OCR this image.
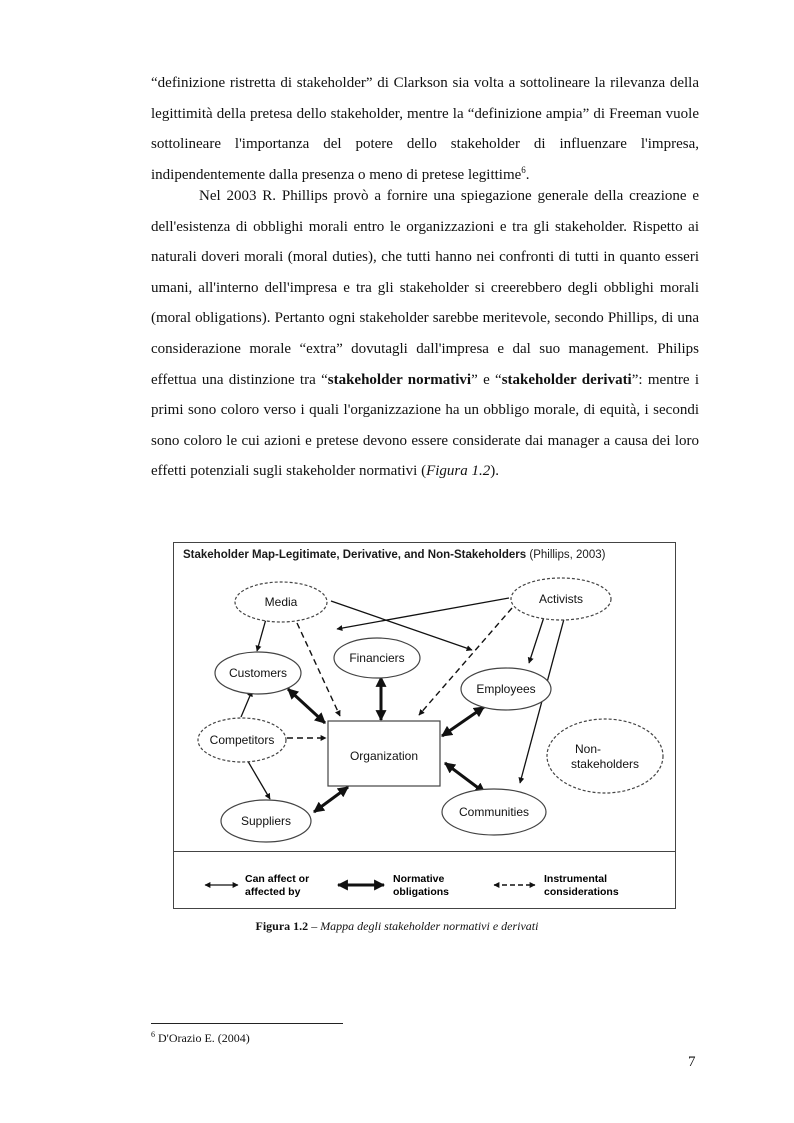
“definizione ristretta di stakeholder” di Clarkson sia volta a sottolineare la rilevanza della legittimità della pretesa dello stakeholder, mentre la “definizione ampia” di Freeman vuole sottolineare l'importanza del potere dello stakeholder di influenzare l'impresa, indipendentemente dalla presenza o meno di pretese legittime$^6$.

Nel 2003 R. Phillips provò a fornire una spiegazione generale della creazione e dell'esistenza di obblighi morali entro le organizzazioni e tra gli stakeholder. Rispetto ai naturali doveri morali (moral duties), che tutti hanno nei confronti di tutti in quanto esseri umani, all'interno dell'impresa e tra gli stakeholder si creerebbero degli obblighi morali (moral obligations). Pertanto ogni stakeholder sarebbe meritevole, secondo Phillips, di una considerazione morale “extra” dovutagli dall'impresa e dal suo management. Philips effettua una distinzione tra “stakeholder normativi” e “stakeholder derivati”: mentre i primi sono coloro verso i quali l'organizzazione ha un obbligo morale, di equità, i secondi sono coloro le cui azioni e pretese devono essere considerate dai manager a causa dei loro effetti potenziali sugli stakeholder normativi (Figura 1.2).

Stakeholder Map-Legitimate, Derivative, and Non-Stakeholders (Phillips, 2003)
Media	Activists
Financiers
Customers
Employees
Competitors
Organization	Non-
stakeholders
Suppliers
Communities
Can affect or
affected by
Normative
obligations
Instrumental
considerations
Figura 1.2 – Mappa degli stakeholder normativi e derivati
$^6$ D'Orazio E. (2004)
7
